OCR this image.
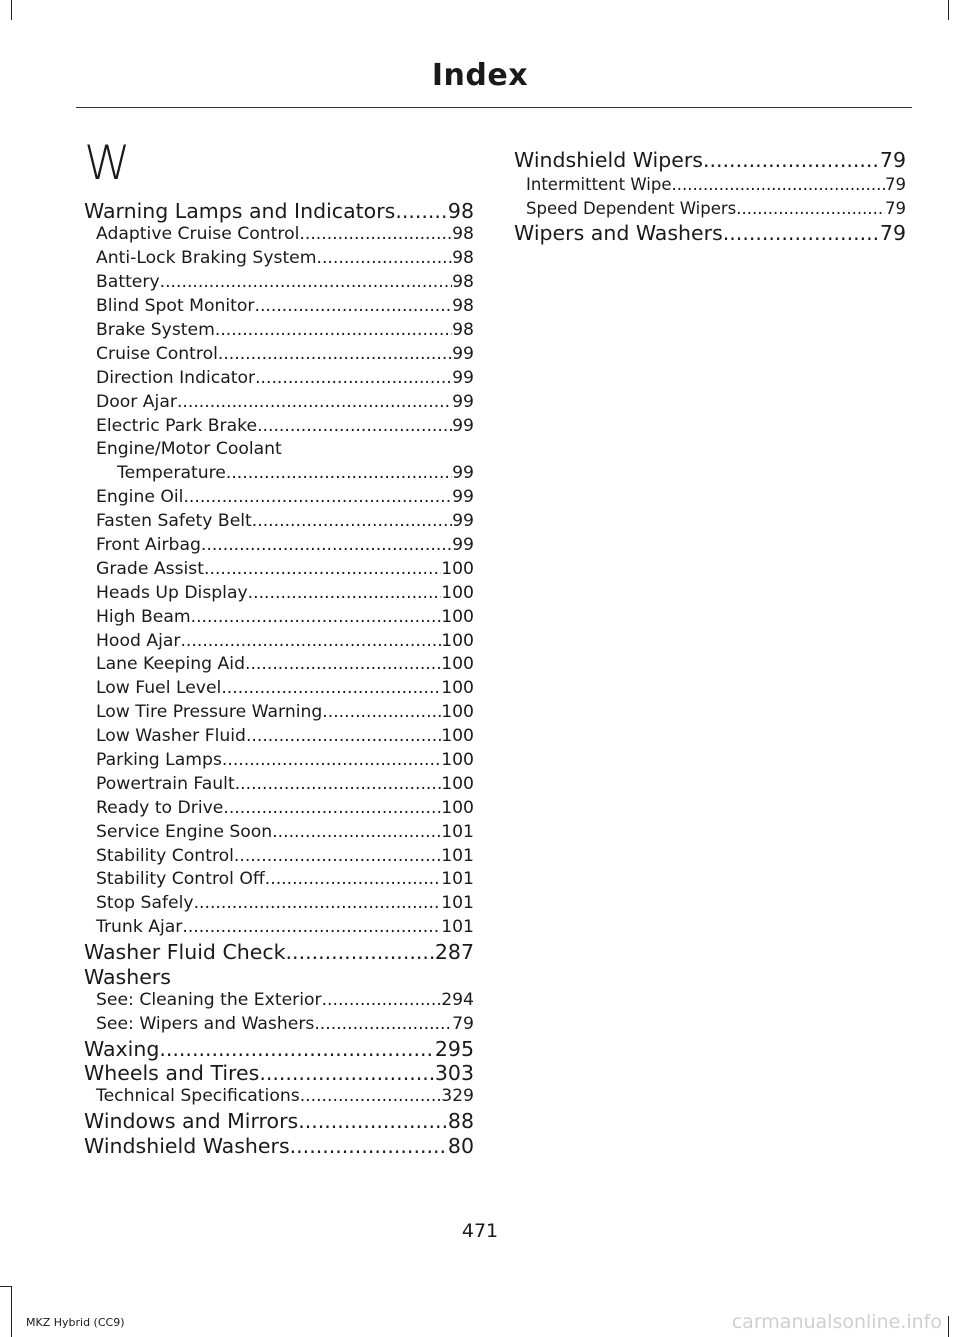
Index
W
Warning Lamps and Indicators .....	98
Adaptive Cruise Control .....	98
Anti-Lock Braking System .....	98
Battery .....	98
Blind Spot Monitor .....	98
Brake System .....	98
Cruise Control .....	99
Direction Indicator .....	99
Door Ajar .....	99
Electric Park Brake .....	99
Engine/Motor Coolant
Temperature .....	99
Engine Oil .....	99
Fasten Safety Belt .....	99
Front Airbag .....	99
Grade Assist .....	100
Heads Up Display .....	100
High Beam .....	100
Hood Ajar .....	100
Lane Keeping Aid .....	100
Low Fuel Level .....	100
Low Tire Pressure Warning .....	100
Low Washer Fluid .....	100
Parking Lamps .....	100
Powertrain Fault .....	100
Ready to Drive .....	100
Service Engine Soon .....	101
Stability Control .....	101
Stability Control Off .....	101
Stop Safely .....	101
Trunk Ajar .....	101
Washer Fluid Check .....	287
Washers
See: Cleaning the Exterior .....	294
See: Wipers and Washers .....	79
Waxing .....	295
Wheels and Tires .....	303
Technical Specifications .....	329
Windows and Mirrors .....	88
Windshield Washers .....	80
Windshield Wipers .....	79
Intermittent Wipe .....	79
Speed Dependent Wipers .....	79
Wipers and Washers .....	79
471
MKZ Hybrid (CC9)	carmanualsonline.info
